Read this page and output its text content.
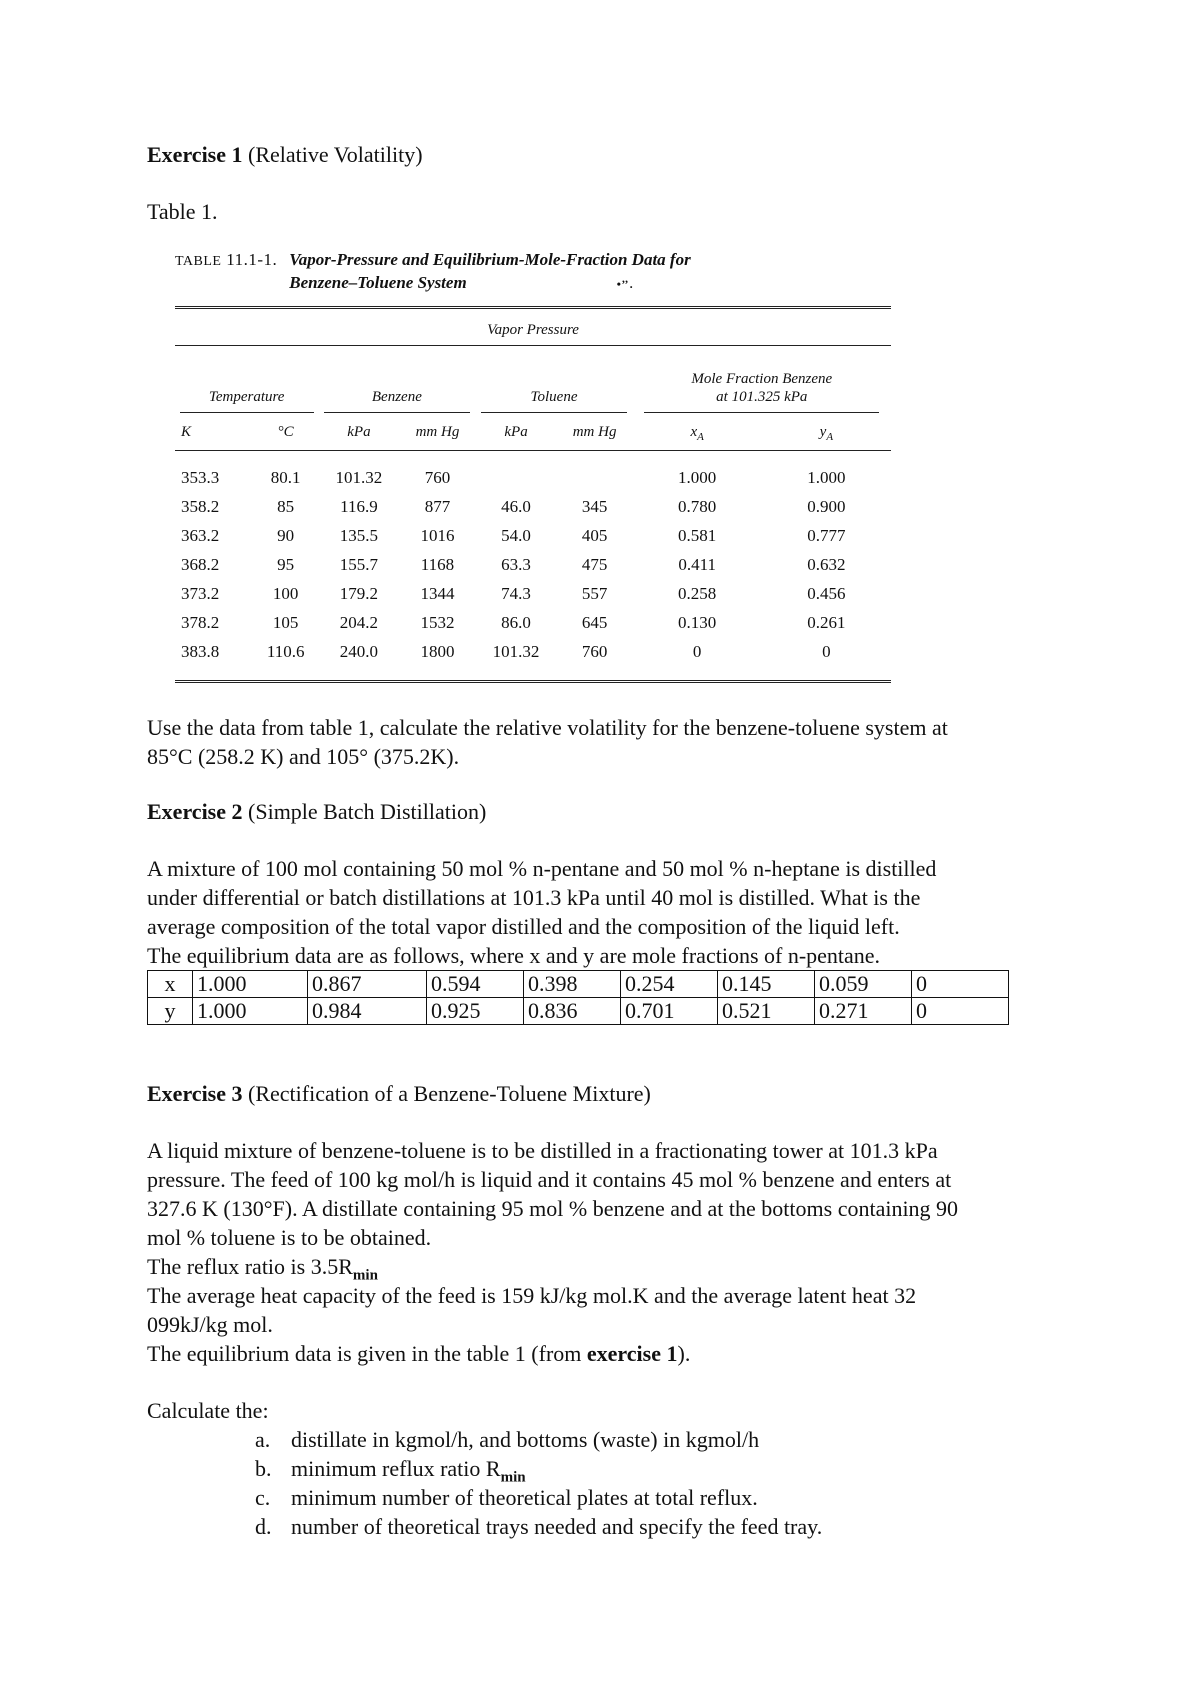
Exercise 1 (Relative Volatility)
Table 1.
TABLE 11.1-1. Vapor-Pressure and Equilibrium-Mole-Fraction Data for
Benzene–Toluene System	•’’ .

Vapor Pressure							

Temperature		Benzene		Toluene		Mole Fraction Benzene
at 101.325 kPa	
K	°C	kPa	mm Hg	kPa	mm Hg	$x_A$	$y_A$
353.3	80.1	101.32	760			1.000	1.000
358.2	85	116.9	877	46.0	345	0.780	0.900
363.2	90	135.5	1016	54.0	405	0.581	0.777
368.2	95	155.7	1168	63.3	475	0.411	0.632
373.2	100	179.2	1344	74.3	557	0.258	0.456
378.2	105	204.2	1532	86.0	645	0.130	0.261
383.8	110.6	240.0	1800	101.32	760	0	0

Use the data from table 1, calculate the relative volatility for the benzene-toluene system at
85°C (258.2 K) and 105° (375.2K).

Exercise 2 (Simple Batch Distillation)

A mixture of 100 mol containing 50 mol % n-pentane and 50 mol % n-heptane is distilled
under differential or batch distillations at 101.3 kPa until 40 mol is distilled. What is the
average composition of the total vapor distilled and the composition of the liquid left.
The equilibrium data are as follows, where x and y are mole fractions of n-pentane.

x	1.000	0.867	0.594	0.398	0.254	0.145	0.059	0
y	1.000	0.984	0.925	0.836	0.701	0.521	0.271	0
Exercise 3 (Rectification of a Benzene-Toluene Mixture)

A liquid mixture of benzene-toluene is to be distilled in a fractionating tower at 101.3 kPa
pressure. The feed of 100 kg mol/h is liquid and it contains 45 mol % benzene and enters at
327.6 K (130°F). A distillate containing 95 mol % benzene and at the bottoms containing 90
mol % toluene is to be obtained.
The reflux ratio is $3.5R_{min}$
The average heat capacity of the feed is 159 kJ/kg mol.K and the average latent heat 32
099kJ/kg mol.
The equilibrium data is given in the table 1 (from exercise 1).

Calculate the:

a. distillate in kgmol/h, and bottoms (waste) in kgmol/h
b. minimum reflux ratio $R_{min}$
c. minimum number of theoretical plates at total reflux.
d. number of theoretical trays needed and specify the feed tray.
